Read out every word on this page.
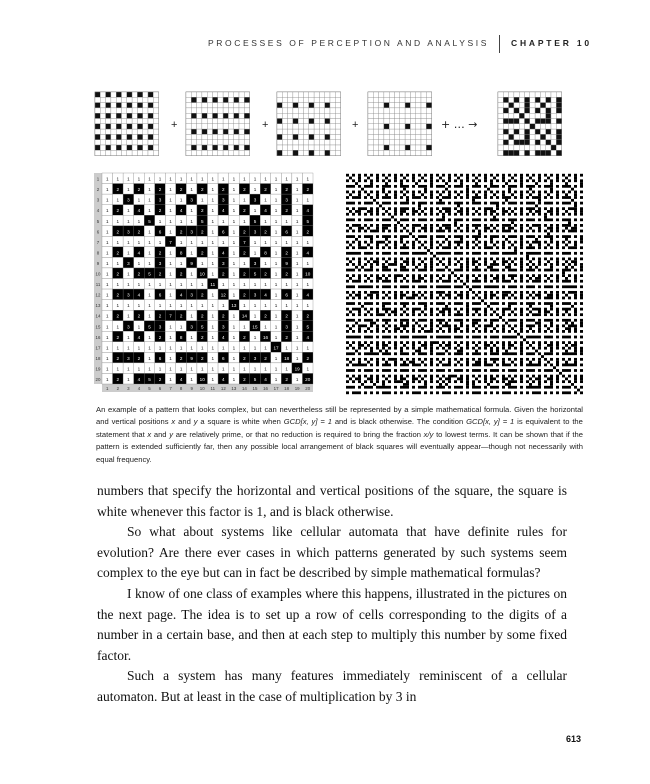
PROCESSES OF PERCEPTION AND ANALYSIS	CHAPTER 10
1 1 1 1 1 1 1 1 1 1 1 1 1 1 1 1 1 1 1 1
1 2 1 2 1 2 1 2 1 2 1 2 1 2 1 2 1 2 1 2
1 1 3 1 1 3 1 1 3 1 1 3 1 1 3 1 1 3 1 1
1 2 1 4 1 2 1 4 1 2 1 4 1 2 1 4 1 2 1 4
1 1 1 1 5 1 1 1 1 5 1 1 1 1 5 1 1 1 1 5
1 2 3 2 1 6 1 2 3 2 1 6 1 2 3 2 1 6 1 2
1 1 1 1 1 1 7 1 1 1 1 1 1 7 1 1 1 1 1 1
1 2 1 4 1 2 1 8 1 2 1 4 1 2 1 8 1 2 1 4
1 1 3 1 1 3 1 1 9 1 1 3 1 1 3 1 1 9 1 1
1 2 1 2 5 2 1 2 1 10 1 2 1 2 5 2 1 2 1 10
1 1 1 1 1 1 1 1 1 1 11 1 1 1 1 1 1 1 1 1
1 2 3 4 1 6 1 4 3 2 1 12 1 2 3 4 1 6 1 4
1 1 1 1 1 1 1 1 1 1 1 1 13 1 1 1 1 1 1 1
1 2 1 2 1 2 7 2 1 2 1 2 1 14 1 2 1 2 1 2
1 1 3 1 5 3 1 1 3 5 1 3 1 1 15 1 1 3 1 5
1 2 1 4 1 2 1 8 1 2 1 4 1 2 1 16 1 2 1 4
1 1 1 1 1 1 1 1 1 1 1 1 1 1 1 1 17 1 1 1
1 2 3 2 1 6 1 2 9 2 1 6 1 2 3 2 1 18 1 2
1 1 1 1 1 1 1 1 1 1 1 1 1 1 1 1 1 1 19 1
1 2 1 4 5 2 1 4 1 10 1 4 1 2 5 4 1 2 1 20
1
2
3
4
5
6
7
8
9
10
11
12
13
14
15
16
17
18
19
20
1 2 3 4 5 6 7 8 9 10 11 12 13 14 15 16 17 18 19 20
+	+	+	+ … →
An example of a pattern that looks complex, but can nevertheless still be represented by a simple mathematical formula. Given the horizontal and vertical positions x and y a square is white when GCD[x, y] = 1 and is black otherwise. The condition GCD[x, y] = 1 is equivalent to the statement that x and y are relatively prime, or that no reduction is required to bring the fraction x/y to lowest terms. It can be shown that if the pattern is extended sufficiently far, then any possible local arrangement of black squares will eventually appear—though not necessarily with equal frequency.

numbers that specify the horizontal and vertical positions of the square, the square is white whenever this factor is 1, and is black otherwise.

So what about systems like cellular automata that have definite rules for evolution? Are there ever cases in which patterns generated by such systems seem complex to the eye but can in fact be described by simple mathematical formulas?

I know of one class of examples where this happens, illustrated in the pictures on the next page. The idea is to set up a row of cells corresponding to the digits of a number in a certain base, and then at each step to multiply this number by some fixed factor.

Such a system has many features immediately reminiscent of a cellular automaton. But at least in the case of multiplication by 3 in

613
